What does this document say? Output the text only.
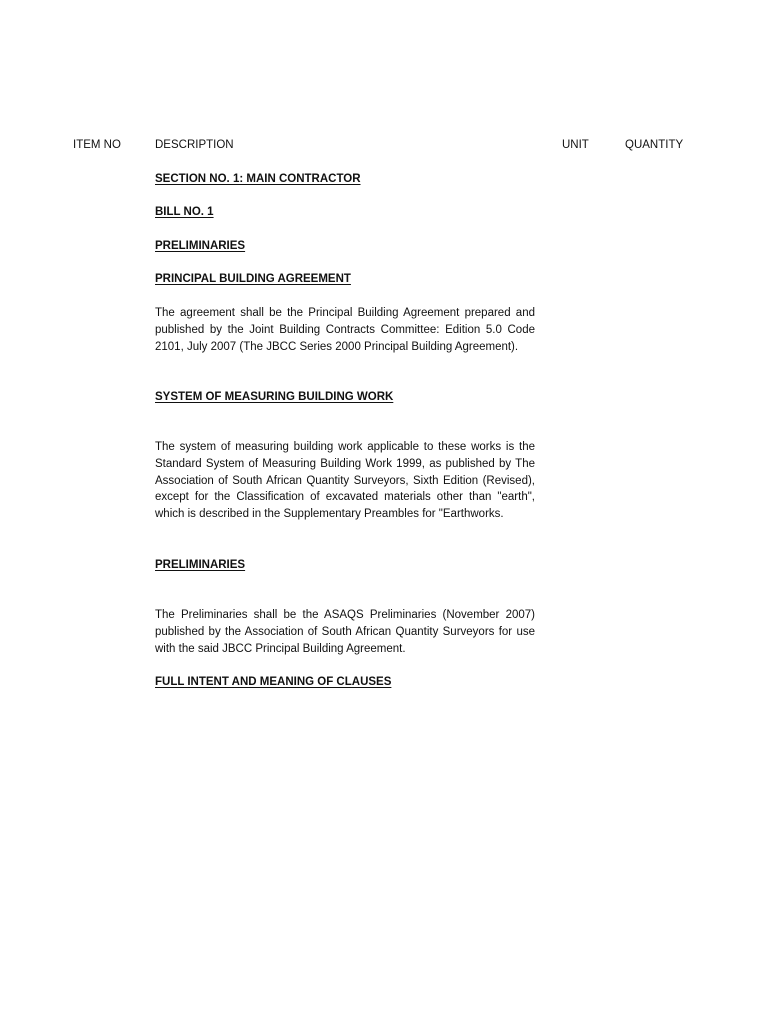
ITEM NO	DESCRIPTION	UNIT	QUANTITY
SECTION NO. 1: MAIN CONTRACTOR
BILL NO. 1
PRELIMINARIES
PRINCIPAL BUILDING AGREEMENT
The agreement shall be the Principal Building Agreement prepared and published by the Joint Building Contracts Committee: Edition 5.0 Code 2101, July 2007 (The JBCC Series 2000 Principal Building Agreement).
SYSTEM OF MEASURING BUILDING WORK
The system of measuring building work applicable to these works is the Standard System of Measuring Building Work 1999, as published by The Association of South African Quantity Surveyors, Sixth Edition (Revised), except for the Classification of excavated materials other than "earth", which is described in the Supplementary Preambles for "Earthworks.
PRELIMINARIES
The Preliminaries shall be the ASAQS Preliminaries (November 2007) published by the Association of South African Quantity Surveyors for use with the said JBCC Principal Building Agreement.
FULL INTENT AND MEANING OF CLAUSES
